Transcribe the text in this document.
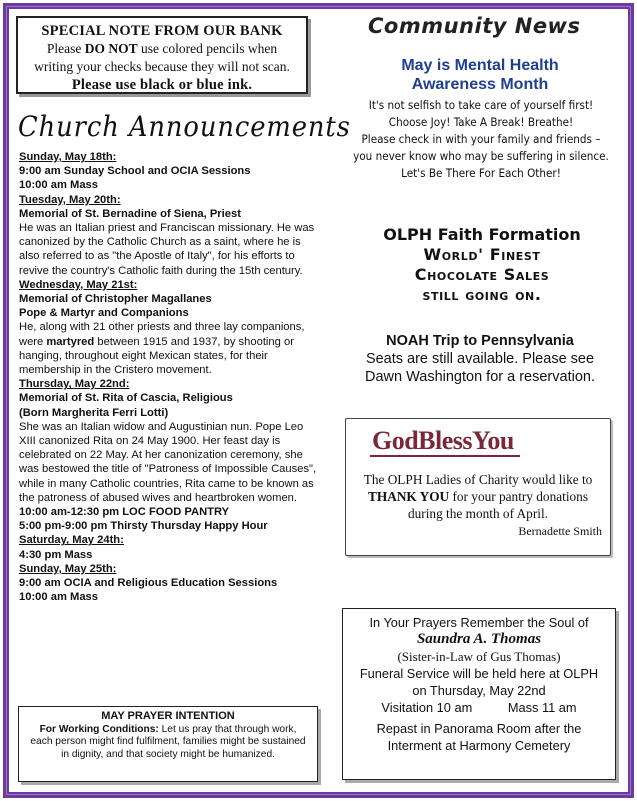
SPECIAL NOTE FROM OUR BANK
Please DO NOT use colored pencils when
writing your checks because they will not scan.
Please use black or blue ink.
Church Announcements

Sunday, May 18th:

9:00 am Sunday School and OCIA Sessions

10:00 am Mass

Tuesday, May 20th:

Memorial of St. Bernadine of Siena, Priest

He was an Italian priest and Franciscan missionary. He was canonized by the Catholic Church as a saint, where he is also referred to as "the Apostle of Italy", for his efforts to revive the country's Catholic faith during the 15th century.

Wednesday, May 21st:

Memorial of Christopher Magallanes

Pope & Martyr and Companions

He, along with 21 other priests and three lay companions, were martyred between 1915 and 1937, by shooting or hanging, throughout eight Mexican states, for their membership in the Cristero movement.

Thursday, May 22nd:

Memorial of St. Rita of Cascia, Religious

(Born Margherita Ferri Lotti)

She was an Italian widow and Augustinian nun. Pope Leo XIII canonized Rita on 24 May 1900. Her feast day is celebrated on 22 May. At her canonization ceremony, she was bestowed the title of "Patroness of Impossible Causes", while in many Catholic countries, Rita came to be known as the patroness of abused wives and heartbroken women.

10:00 am-12:30 pm LOC FOOD PANTRY

5:00 pm-9:00 pm Thirsty Thursday Happy Hour

Saturday, May 24th:

4:30 pm Mass

Sunday, May 25th:

9:00 am OCIA and Religious Education Sessions

10:00 am Mass

MAY PRAYER INTENTION
For Working Conditions: Let us pray that through work, each person might find fulfilment, families might be sustained in dignity, and that society might be humanized.
Community News
May is Mental Health
Awareness Month
It's not selfish to take care of yourself first!
Choose Joy! Take A Break! Breathe!
Please check in with your family and friends –
you never know who may be suffering in silence.
Let's Be There For Each Other!
OLPH Faith Formation
World' Finest
Chocolate Sales
still going on.
NOAH Trip to Pennsylvania
Seats are still available. Please see
Dawn Washington for a reservation.
GodBlessYou
The OLPH Ladies of Charity would like to THANK YOU for your pantry donations during the month of April.
Bernadette Smith
In Your Prayers Remember the Soul of
Saundra A. Thomas
(Sister-in-Law of Gus Thomas)
Funeral Service will be held here at OLPH
on Thursday, May 22nd
Visitation 10 am	Mass 11 am
Repast in Panorama Room after the
Interment at Harmony Cemetery
